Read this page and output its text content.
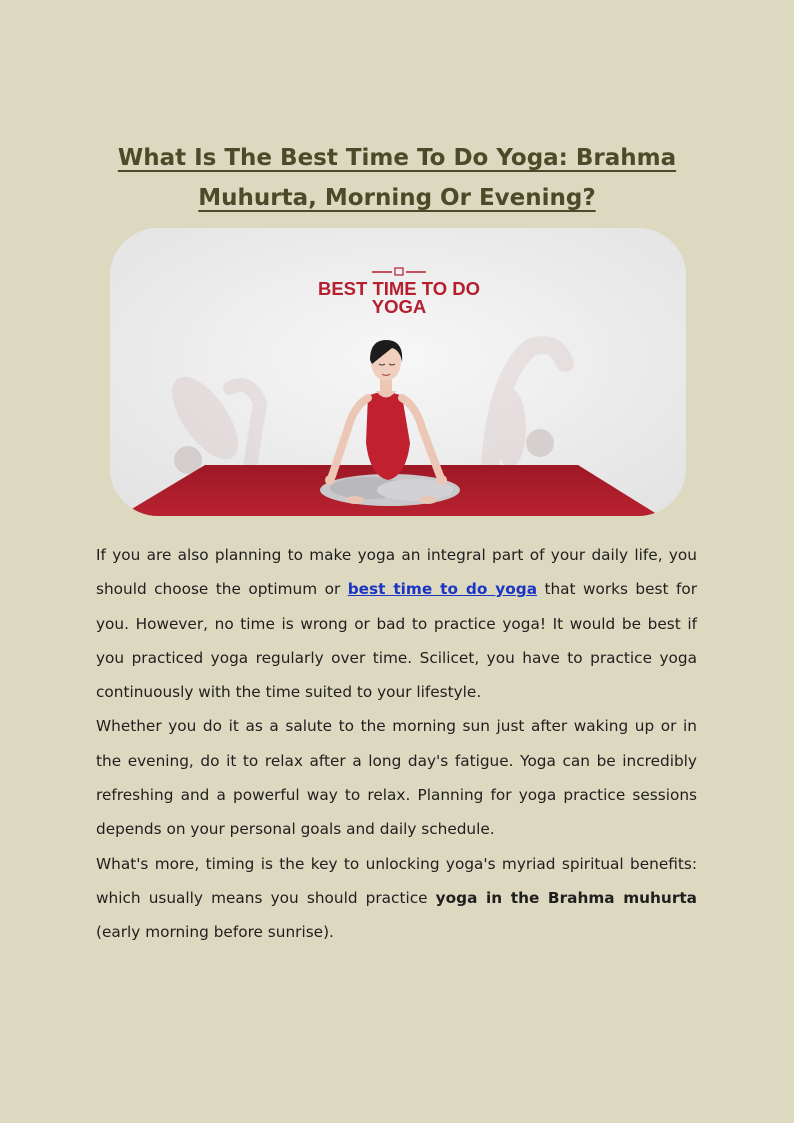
What Is The Best Time To Do Yoga: Brahma Muhurta, Morning Or Evening?
BEST TIME TO DO
YOGA

If you are also planning to make yoga an integral part of your daily life, you should choose the optimum or best time to do yoga that works best for you. However, no time is wrong or bad to practice yoga! It would be best if you practiced yoga regularly over time. Scilicet, you have to practice yoga continuously with the time suited to your lifestyle.

Whether you do it as a salute to the morning sun just after waking up or in the evening, do it to relax after a long day's fatigue. Yoga can be incredibly refreshing and a powerful way to relax. Planning for yoga practice sessions depends on your personal goals and daily schedule.

What's more, timing is the key to unlocking yoga's myriad spiritual benefits: which usually means you should practice yoga in the Brahma muhurta (early morning before sunrise).
